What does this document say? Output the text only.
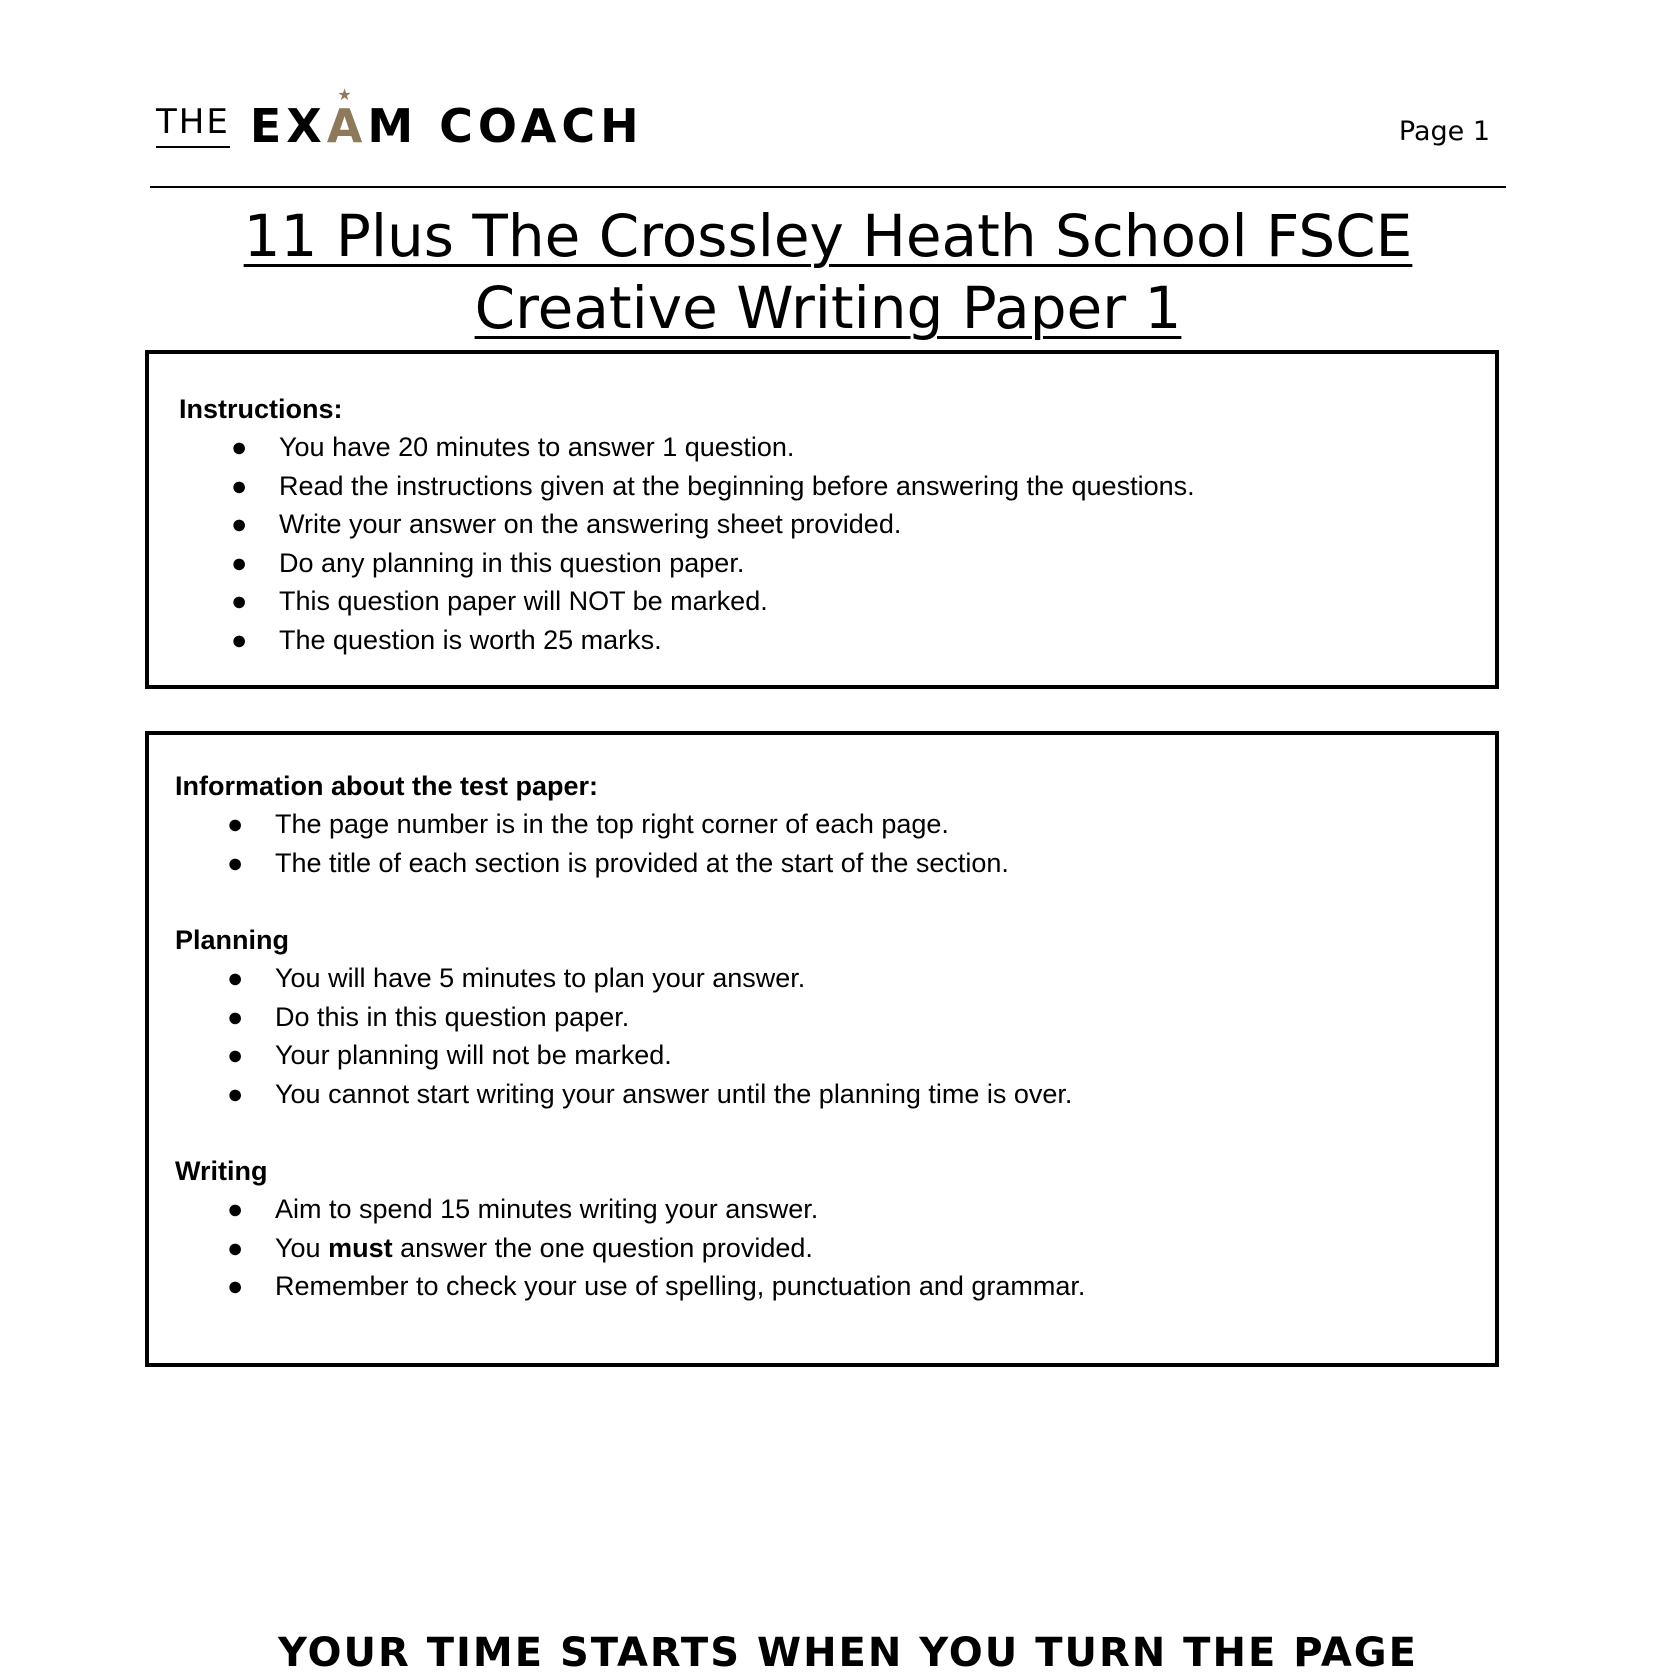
THE EXA
★
M COACH	Page 1
11 Plus The Crossley Heath School FSCE
Creative Writing Paper 1
Instructions:
● You have 20 minutes to answer 1 question.
● Read the instructions given at the beginning before answering the questions.
● Write your answer on the answering sheet provided.
● Do any planning in this question paper.
● This question paper will NOT be marked.
● The question is worth 25 marks.
Information about the test paper:
● The page number is in the top right corner of each page.
● The title of each section is provided at the start of the section.
Planning
● You will have 5 minutes to plan your answer.
● Do this in this question paper.
● Your planning will not be marked.
● You cannot start writing your answer until the planning time is over.
Writing
● Aim to spend 15 minutes writing your answer.
● You must answer the one question provided.
● Remember to check your use of spelling, punctuation and grammar.
YOUR TIME STARTS WHEN YOU TURN THE PAGE
